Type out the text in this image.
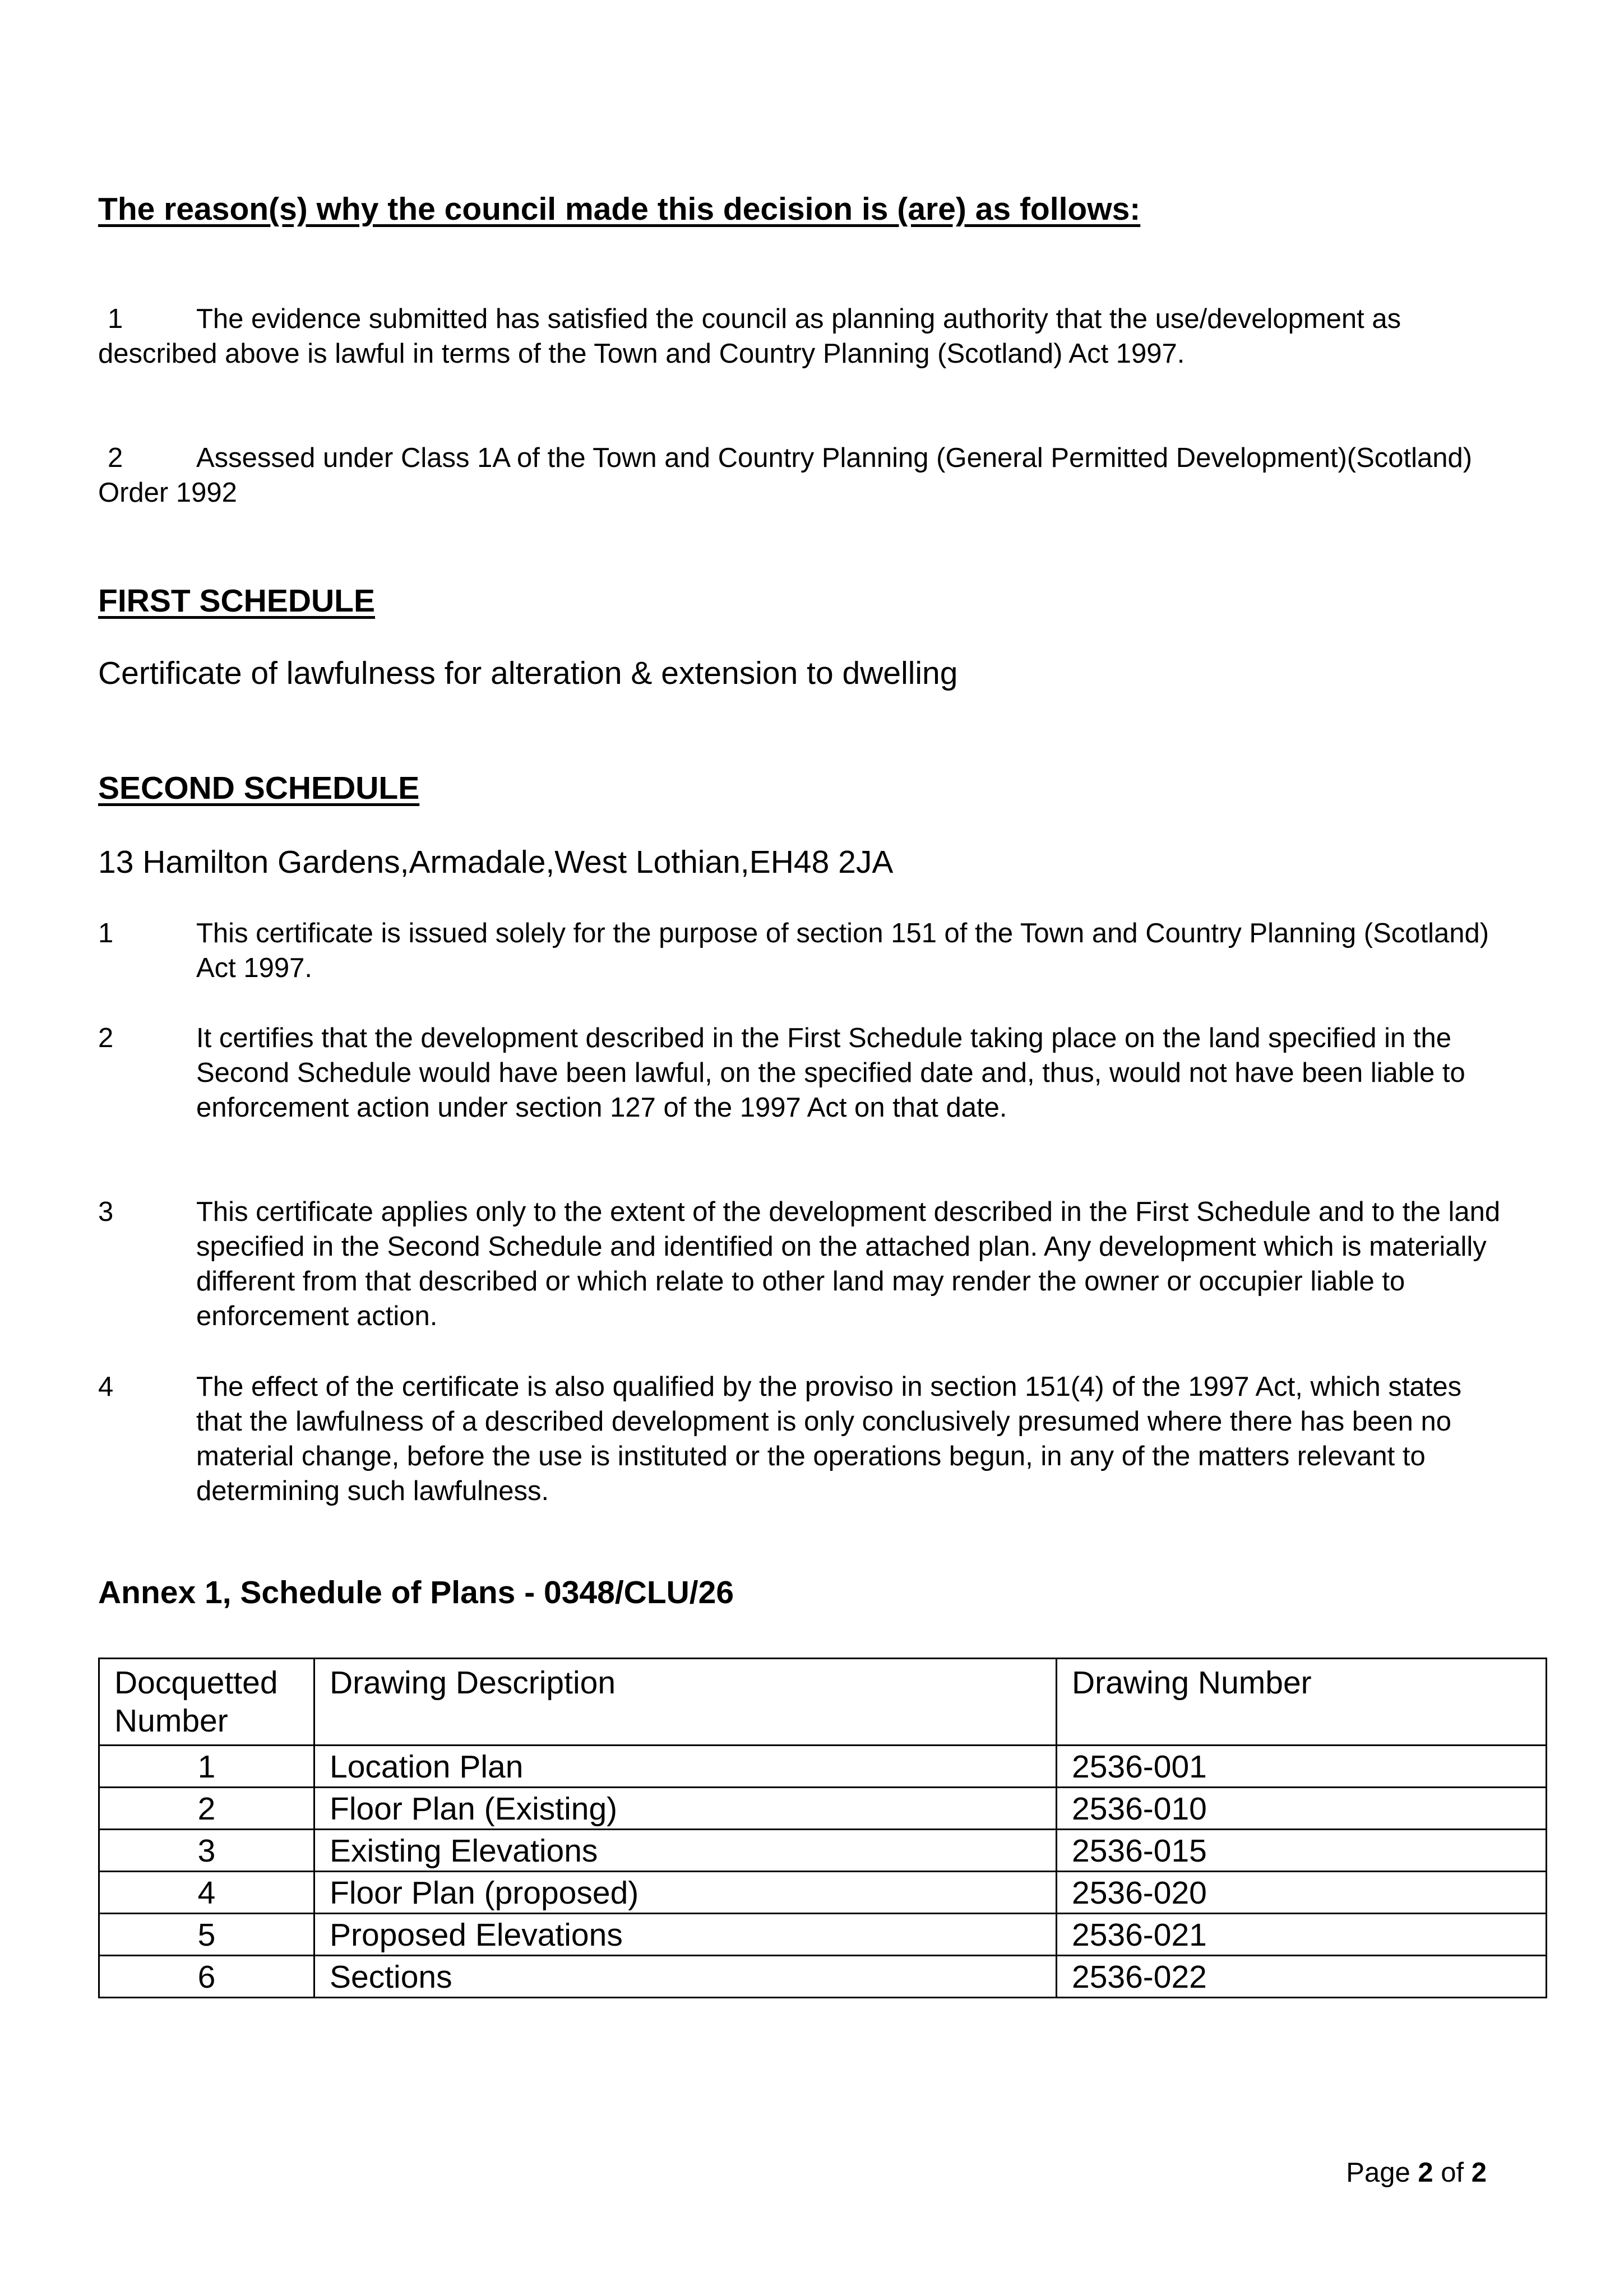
The reason(s) why the council made this decision is (are) as follows:
1	The evidence submitted has satisfied the council as planning authority that the use/development as described above is lawful in terms of the Town and Country Planning (Scotland) Act 1997.
2	Assessed under Class 1A of the Town and Country Planning (General Permitted Development)(Scotland) Order 1992
FIRST SCHEDULE
Certificate of lawfulness for alteration & extension to dwelling
SECOND SCHEDULE
13 Hamilton Gardens,Armadale,West Lothian,EH48 2JA
1	This certificate is issued solely for the purpose of section 151 of the Town and Country Planning (Scotland) Act 1997.
2	It certifies that the development described in the First Schedule taking place on the land specified in the Second Schedule would have been lawful, on the specified date and, thus, would not have been liable to enforcement action under section 127 of the 1997 Act on that date.
3	This certificate applies only to the extent of the development described in the First Schedule and to the land specified in the Second Schedule and identified on the attached plan. Any development which is materially different from that described or which relate to other land may render the owner or occupier liable to enforcement action.
4	The effect of the certificate is also qualified by the proviso in section 151(4) of the 1997 Act, which states that the lawfulness of a described development is only conclusively presumed where there has been no material change, before the use is instituted or the operations begun, in any of the matters relevant to determining such lawfulness.
Annex 1, Schedule of Plans - 0348/CLU/26
Docquetted Number	Drawing Description	Drawing Number
1	Location Plan	2536-001
2	Floor Plan (Existing)	2536-010
3	Existing Elevations	2536-015
4	Floor Plan (proposed)	2536-020
5	Proposed Elevations	2536-021
6	Sections	2536-022
Page 2 of 2
